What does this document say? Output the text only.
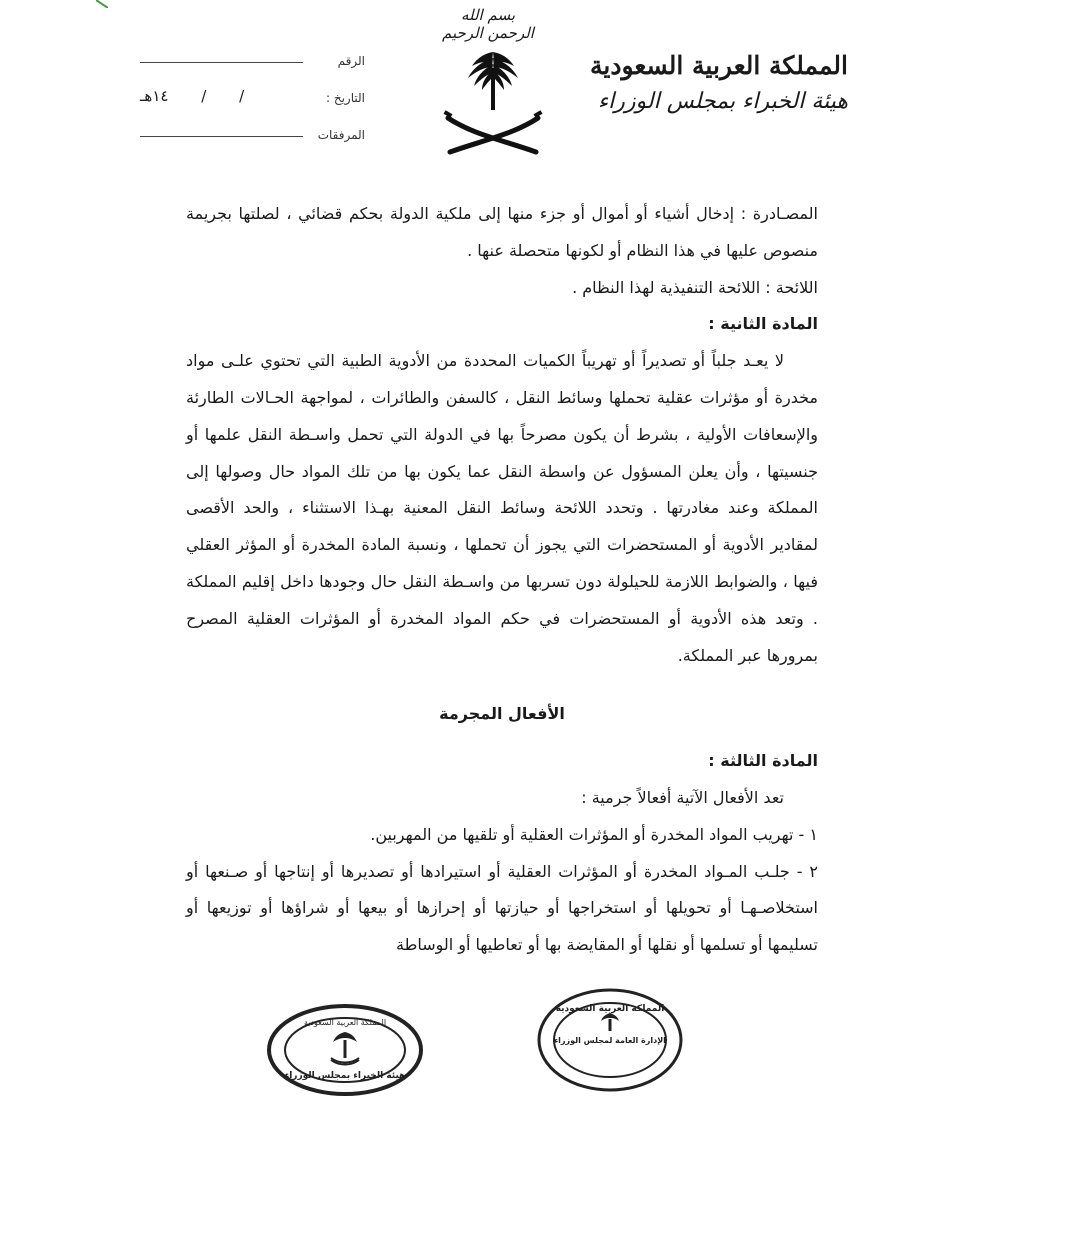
بسم الله الرحمن الرحيم
المملكة العربية السعودية
هيئة الخبراء بمجلس الوزراء
الرقم
التاريخ :
/
/
١٤هـ
المرفقات

المصـادرة : إدخال أشياء أو أموال أو جزء منها إلى ملكية الدولة بحكم قضائي ، لصلتها بجريمة منصوص عليها في هذا النظام أو لكونها متحصلة عنها .

اللائحة : اللائحة التنفيذية لهذا النظام .

المادة الثانية :

لا يعـد جلباً أو تصديراً أو تهريباً الكميات المحددة من الأدوية الطبية التي تحتوي علـى مواد مخدرة أو مؤثرات عقلية تحملها وسائط النقل ، كالسفن والطائرات ، لمواجهة الحـالات الطارئة والإسعافات الأولية ، بشرط أن يكون مصرحاً بها في الدولة التي تحمل واسـطة النقل علمها أو جنسيتها ، وأن يعلن المسؤول عن واسطة النقل عما يكون بها من تلك المواد حال وصولها إلى المملكة وعند مغادرتها . وتحدد اللائحة وسائط النقل المعنية بهـذا الاستثناء ، والحد الأقصى لمقادير الأدوية أو المستحضرات التي يجوز أن تحملها ، ونسبة المادة المخدرة أو المؤثر العقلي فيها ، والضوابط اللازمة للحيلولة دون تسربها من واسـطة النقل حال وجودها داخل إقليم المملكة . وتعد هذه الأدوية أو المستحضرات في حكم المواد المخدرة أو المؤثرات العقلية المصرح بمرورها عبر المملكة.

الأفعال المجرمة

المادة الثالثة :

تعد الأفعال الآتية أفعالاً جرمية :

١ - تهريب المواد المخدرة أو المؤثرات العقلية أو تلقيها من المهربين.

٢ - جلـب المـواد المخدرة أو المؤثرات العقلية أو استيرادها أو تصديرها أو إنتاجها أو صـنعها أو استخلاصـهـا أو تحويلها أو استخراجها أو حيازتها أو إحرازها أو بيعها أو شراؤها أو توزيعها أو تسليمها أو تسلمها أو نقلها أو المقايضة بها أو تعاطيها أو الوساطة

المملكة العربية السعودية
هيئة الخبراء بمجلس الوزراء
المملكة العربية السعودية
الإدارة العامة لمجلس الوزراء
